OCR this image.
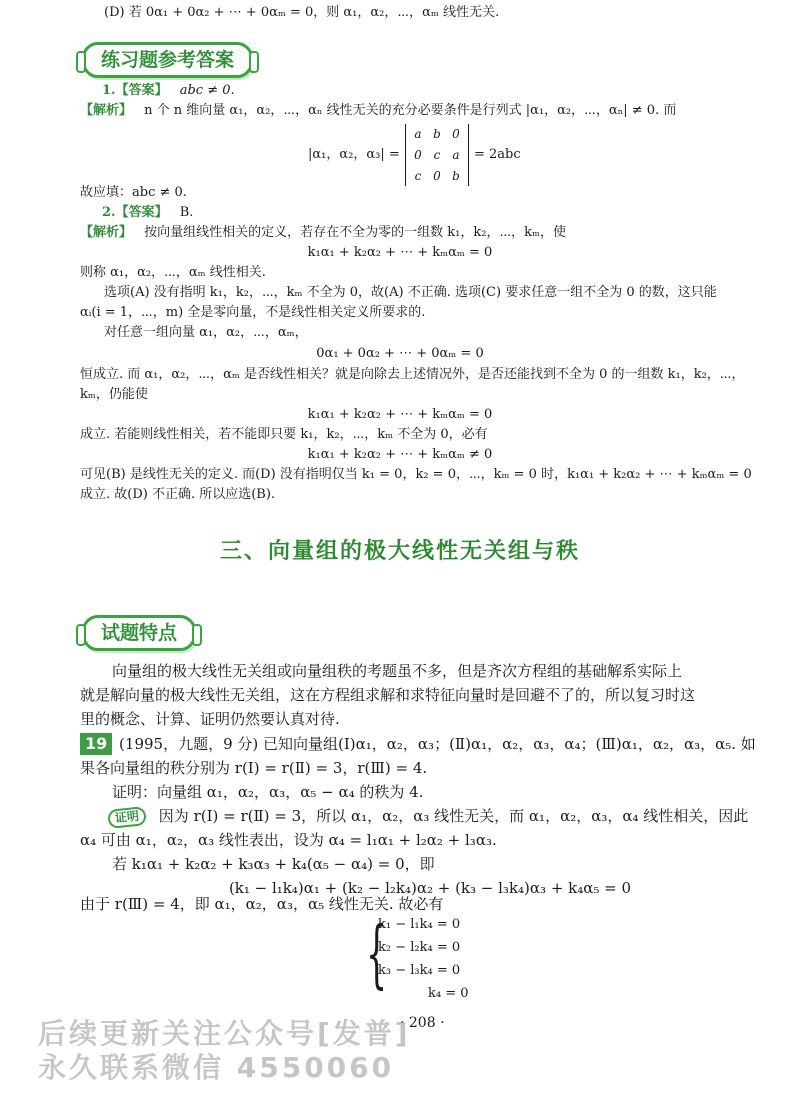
(D) 若 0α₁ + 0α₂ + ⋯ + 0αₘ = 0，则 α₁，α₂，⋯，αₘ 线性无关.
练习题参考答案
1.【答案】 abc ≠ 0.
【解析】 n 个 n 维向量 α₁，α₂，⋯，αₙ 线性无关的充分必要条件是行列式 |α₁，α₂，⋯，αₙ| ≠ 0. 而
|α₁，α₂，α₃| =
a b 0
0 c	a
c 0 b
= 2abc
故应填：abc ≠ 0.
2.【答案】 B.
【解析】 按向量组线性相关的定义，若存在不全为零的一组数 k₁，k₂，⋯，kₘ，使
k₁α₁ + k₂α₂ + ⋯ + kₘαₘ = 0
则称 α₁，α₂，⋯，αₘ 线性相关.
选项(A) 没有指明 k₁，k₂，⋯，kₘ 不全为 0，故(A) 不正确. 选项(C) 要求任意一组不全为 0 的数，这只能
αᵢ(i = 1，⋯，m) 全是零向量，不是线性相关定义所要求的.
对任意一组向量 α₁，α₂，⋯，αₘ，
0α₁ + 0α₂ + ⋯ + 0αₘ = 0
恒成立. 而 α₁，α₂，⋯，αₘ 是否线性相关？就是向除去上述情况外，是否还能找到不全为 0 的一组数 k₁，k₂，⋯，
kₘ，仍能使
k₁α₁ + k₂α₂ + ⋯ + kₘαₘ = 0
成立. 若能则线性相关，若不能即只要 k₁，k₂，⋯，kₘ 不全为 0，必有
k₁α₁ + k₂α₂ + ⋯ + kₘαₘ ≠ 0
可见(B) 是线性无关的定义. 而(D) 没有指明仅当 k₁ = 0，k₂ = 0，⋯，kₘ = 0 时，k₁α₁ + k₂α₂ + ⋯ + kₘαₘ = 0
成立. 故(D) 不正确. 所以应选(B).
三、向量组的极大线性无关组与秩
试题特点
向量组的极大线性无关组或向量组秩的考题虽不多，但是齐次方程组的基础解系实际上
就是解向量的极大线性无关组，这在方程组求解和求特征向量时是回避不了的，所以复习时这
里的概念、计算、证明仍然要认真对待.
19 (1995，九题，9 分) 已知向量组(Ⅰ)α₁，α₂，α₃；(Ⅱ)α₁，α₂，α₃，α₄；(Ⅲ)α₁，α₂，α₃，α₅. 如
果各向量组的秩分别为 r(Ⅰ) = r(Ⅱ) = 3，r(Ⅲ) = 4.
证明：向量组 α₁，α₂，α₃，α₅ − α₄ 的秩为 4.
证明 因为 r(Ⅰ) = r(Ⅱ) = 3，所以 α₁，α₂，α₃ 线性无关，而 α₁，α₂，α₃，α₄ 线性相关，因此
α₄ 可由 α₁，α₂，α₃ 线性表出，设为 α₄ = l₁α₁ + l₂α₂ + l₃α₃.
若 k₁α₁ + k₂α₂ + k₃α₃ + k₄(α₅ − α₄) = 0，即
(k₁ − l₁k₄)α₁ + (k₂ − l₂k₄)α₂ + (k₃ − l₃k₄)α₃ + k₄α₅ = 0
由于 r(Ⅲ) = 4，即 α₁，α₂，α₃，α₅ 线性无关. 故必有
{
k₁ − l₁k₄ = 0
k₂ − l₂k₄ = 0
k₃ − l₃k₄ = 0
k₄ = 0
· 208 ·
后续更新关注公众号[发普]
永久联系微信 4550060
